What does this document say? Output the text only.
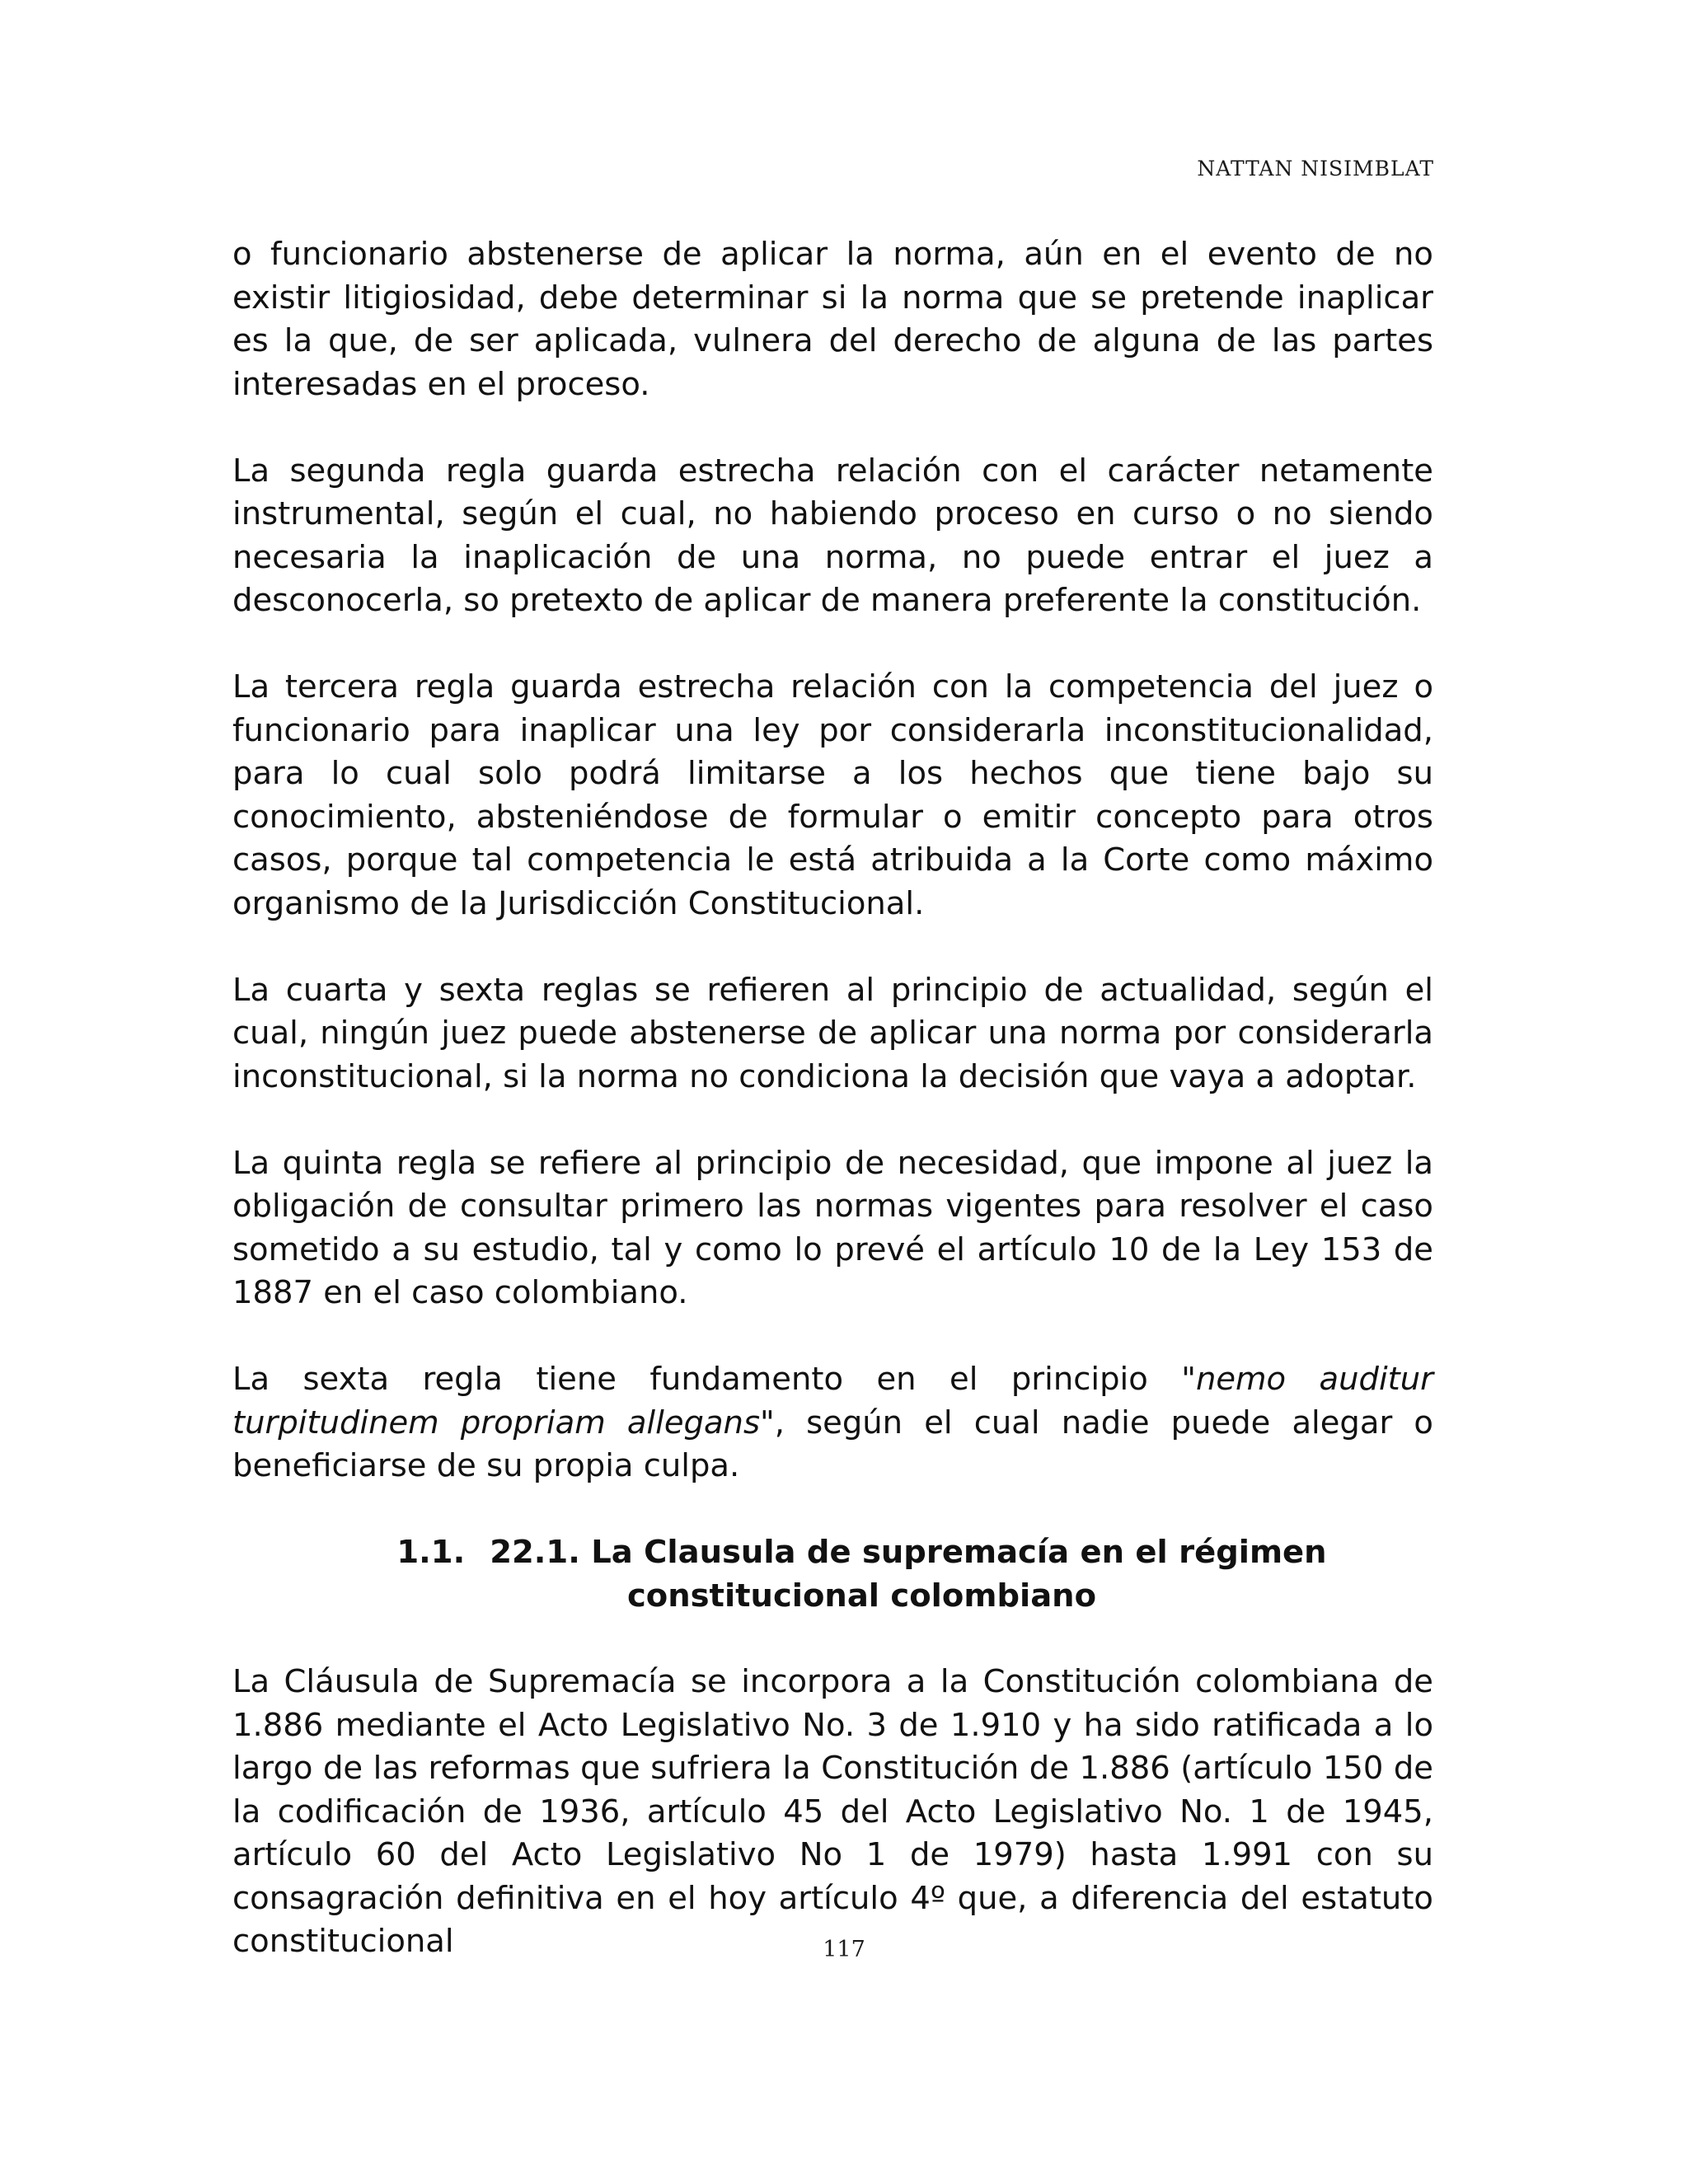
NATTAN NISIMBLAT

o funcionario abstenerse de aplicar la norma, aún en el evento de no existir litigiosidad, debe determinar si la norma que se pretende inaplicar es la que, de ser aplicada, vulnera del derecho de alguna de las partes interesadas en el proceso.

La segunda regla guarda estrecha relación con el carácter netamente instrumental, según el cual, no habiendo proceso en curso o no siendo necesaria la inaplicación de una norma, no puede entrar el juez a desconocerla, so pretexto de aplicar de manera preferente la constitución.

La tercera regla guarda estrecha relación con la competencia del juez o funcionario para inaplicar una ley por considerarla inconstitucionalidad, para lo cual solo podrá limitarse a los hechos que tiene bajo su conocimiento, absteniéndose de formular o emitir concepto para otros casos, porque tal competencia le está atribuida a la Corte como máximo organismo de la Jurisdicción Constitucional.

La cuarta y sexta reglas se refieren al principio de actualidad, según el cual, ningún juez puede abstenerse de aplicar una norma por considerarla inconstitucional, si la norma no condiciona la decisión que vaya a adoptar.

La quinta regla se refiere al principio de necesidad, que impone al juez la obligación de consultar primero las normas vigentes para resolver el caso sometido a su estudio, tal y como lo prevé el artículo 10 de la Ley 153 de 1887 en el caso colombiano.

La sexta regla tiene fundamento en el principio "nemo auditur turpitudinem propriam allegans", según el cual nadie puede alegar o beneficiarse de su propia culpa.

1.1. 22.1. La Clausula de supremacía en el régimen constitucional colombiano

La Cláusula de Supremacía se incorpora a la Constitución colombiana de 1.886 mediante el Acto Legislativo No. 3 de 1.910 y ha sido ratificada a lo largo de las reformas que sufriera la Constitución de 1.886 (artículo 150 de la codificación de 1936, artículo 45 del Acto Legislativo No. 1 de 1945, artículo 60 del Acto Legislativo No 1 de 1979) hasta 1.991 con su consagración definitiva en el hoy artículo 4º que, a diferencia del estatuto constitucional	117
